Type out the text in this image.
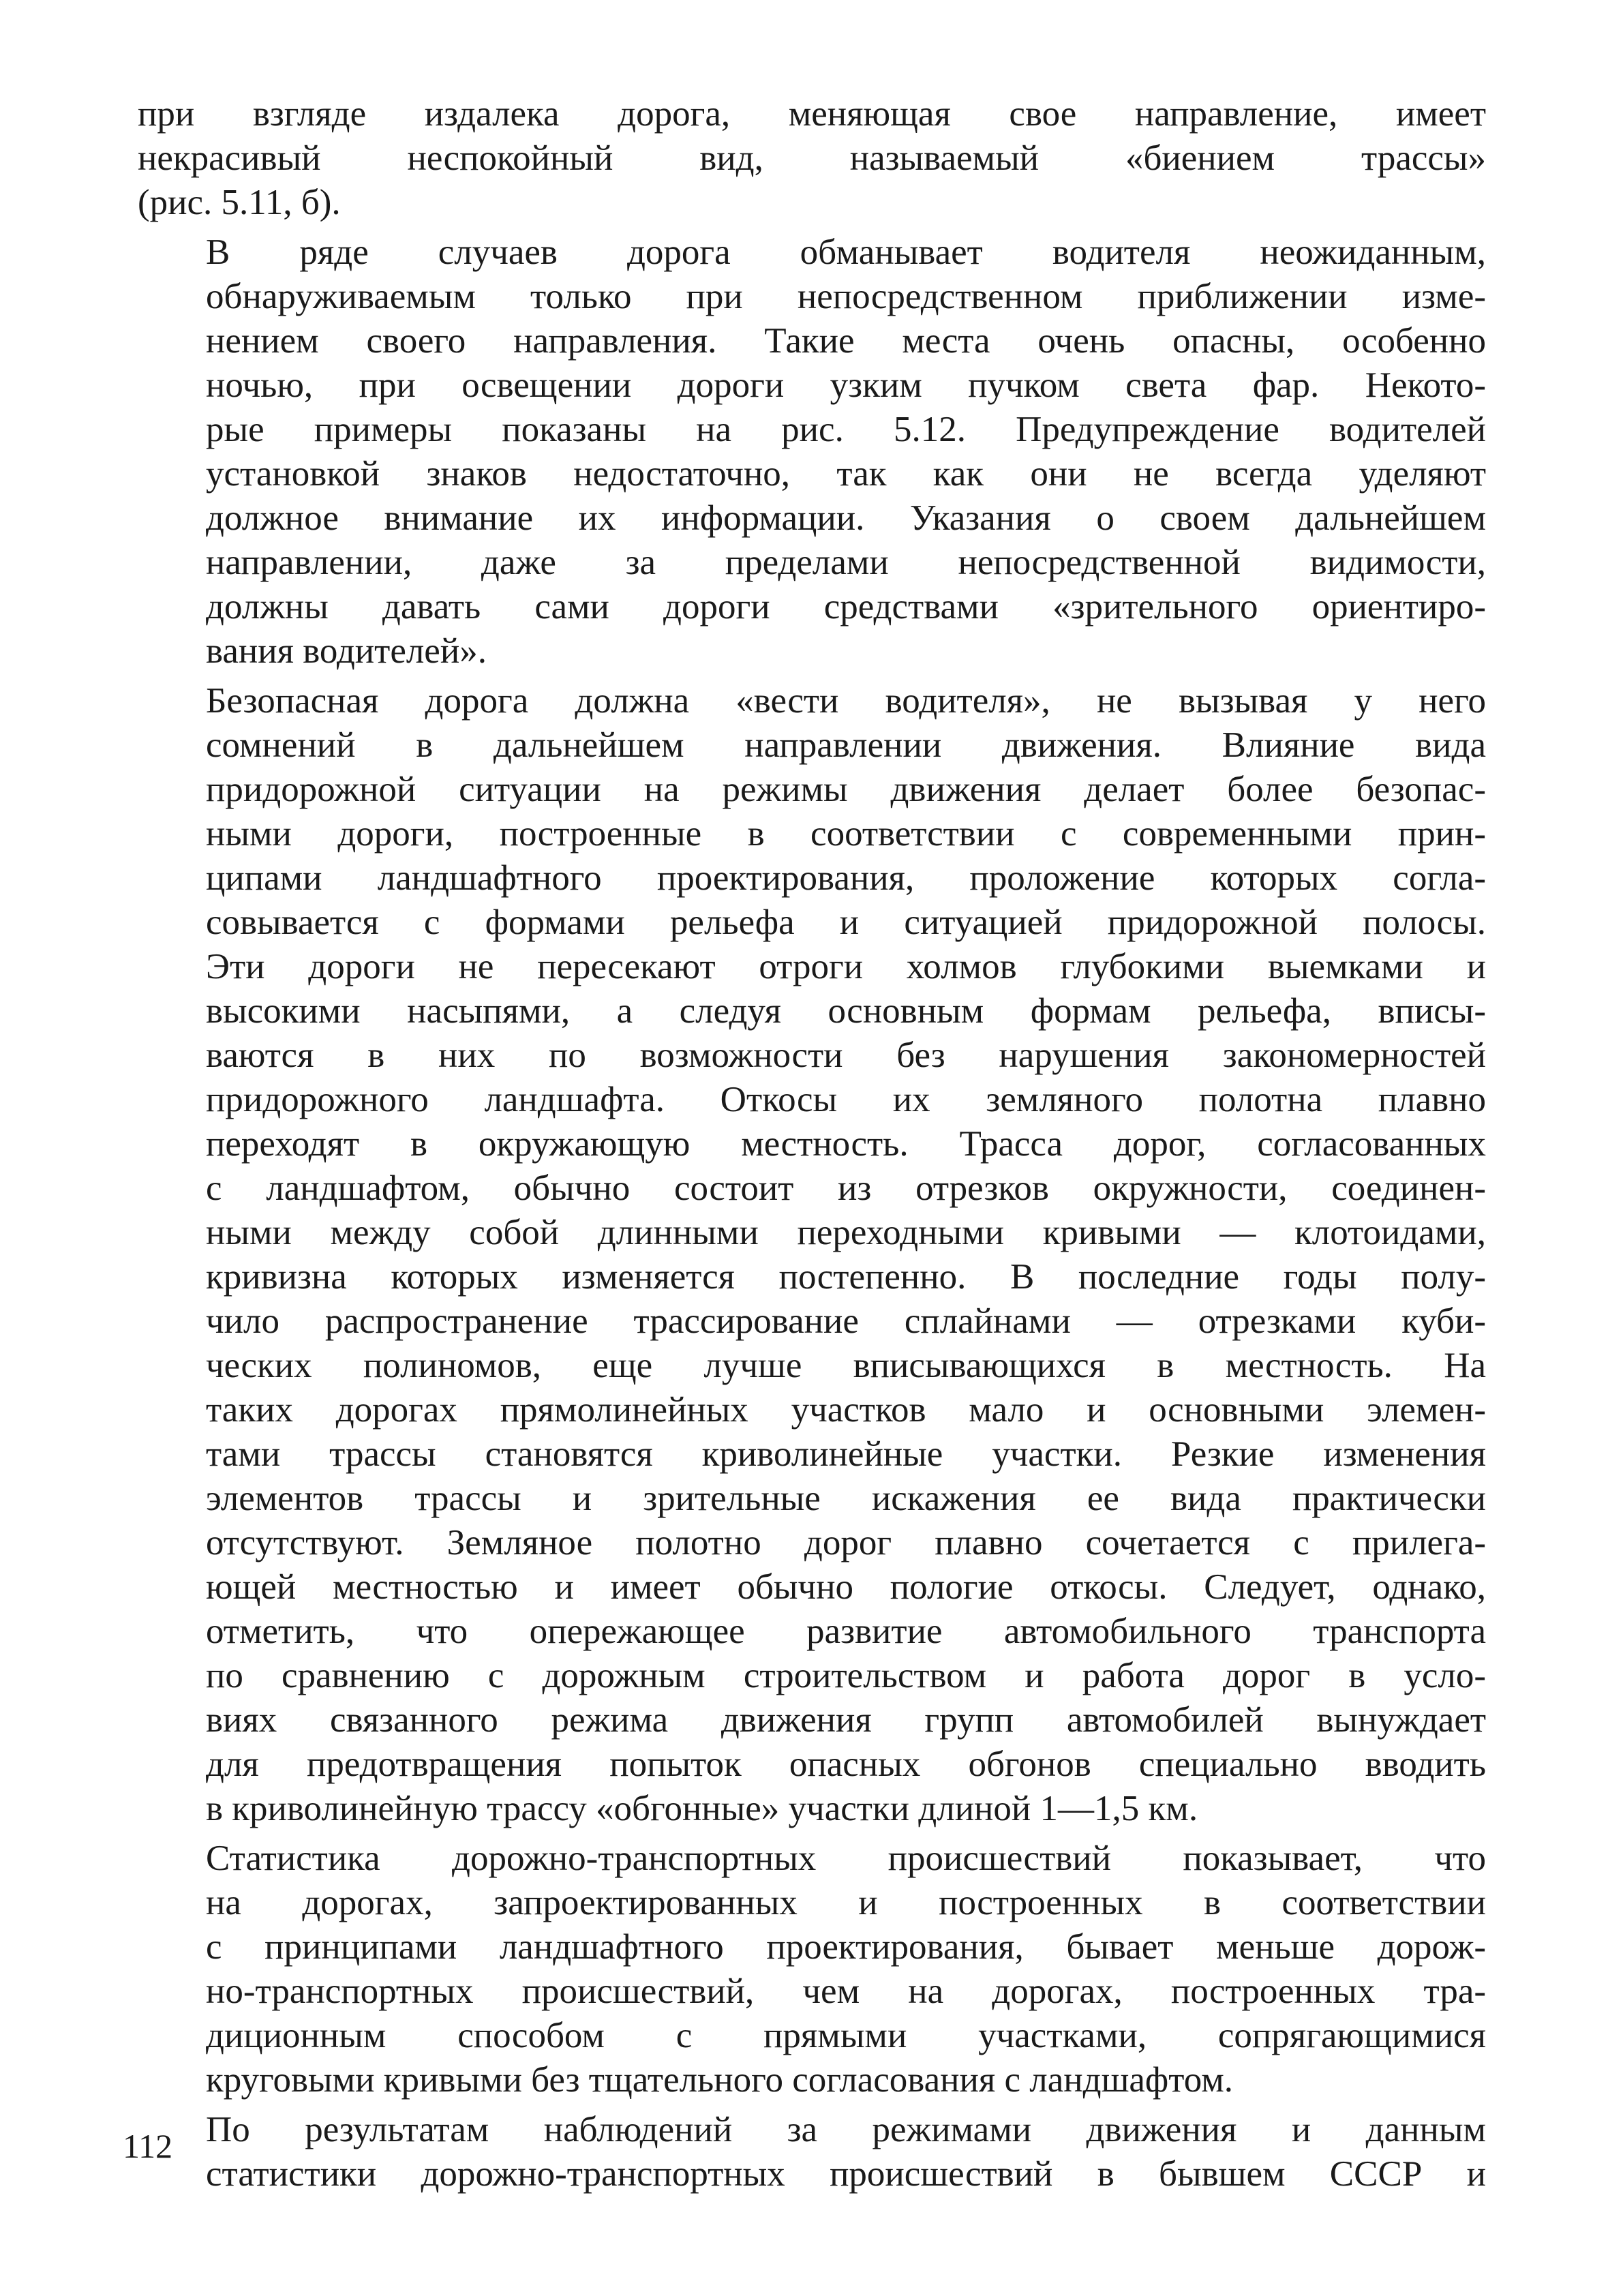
при взгляде издалека дорога, меняющая свое направление, имеет
некрасивый неспокойный вид, называемый «биением трассы»
(рис. 5.11, б).
В ряде случаев дорога обманывает водителя неожиданным,
обнаруживаемым только при непосредственном приближении изме-
нением своего направления. Такие места очень опасны, особенно
ночью, при освещении дороги узким пучком света фар. Некото-
рые примеры показаны на рис. 5.12. Предупреждение водителей
установкой знаков недостаточно, так как они не всегда уделяют
должное внимание их информации. Указания о своем дальнейшем
направлении, даже за пределами непосредственной видимости,
должны давать сами дороги средствами «зрительного ориентиро-
вания водителей».
Безопасная дорога должна «вести водителя», не вызывая у него
сомнений в дальнейшем направлении движения. Влияние вида
придорожной ситуации на режимы движения делает более безопас-
ными дороги, построенные в соответствии с современными прин-
ципами ландшафтного проектирования, проложение которых согла-
совывается с формами рельефа и ситуацией придорожной полосы.
Эти дороги не пересекают отроги холмов глубокими выемками и
высокими насыпями, а следуя основным формам рельефа, вписы-
ваются в них по возможности без нарушения закономерностей
придорожного ландшафта. Откосы их земляного полотна плавно
переходят в окружающую местность. Трасса дорог, согласованных
с ландшафтом, обычно состоит из отрезков окружности, соединен-
ными между собой длинными переходными кривыми — клотоидами,
кривизна которых изменяется постепенно. В последние годы полу-
чило распространение трассирование сплайнами — отрезками куби-
ческих полиномов, еще лучше вписывающихся в местность. На
таких дорогах прямолинейных участков мало и основными элемен-
тами трассы становятся криволинейные участки. Резкие изменения
элементов трассы и зрительные искажения ее вида практически
отсутствуют. Земляное полотно дорог плавно сочетается с прилега-
ющей местностью и имеет обычно пологие откосы. Следует, однако,
отметить, что опережающее развитие автомобильного транспорта
по сравнению с дорожным строительством и работа дорог в усло-
виях связанного режима движения групп автомобилей вынуждает
для предотвращения попыток опасных обгонов специально вводить
в криволинейную трассу «обгонные» участки длиной 1—1,5 км.
Статистика дорожно-транспортных происшествий показывает, что
на дорогах, запроектированных и построенных в соответствии
с принципами ландшафтного проектирования, бывает меньше дорож-
но-транспортных происшествий, чем на дорогах, построенных тра-
диционным способом с прямыми участками, сопрягающимися
круговыми кривыми без тщательного согласования с ландшафтом.
По результатам наблюдений за режимами движения и данным
статистики дорожно-транспортных происшествий в бывшем СССР и
112
